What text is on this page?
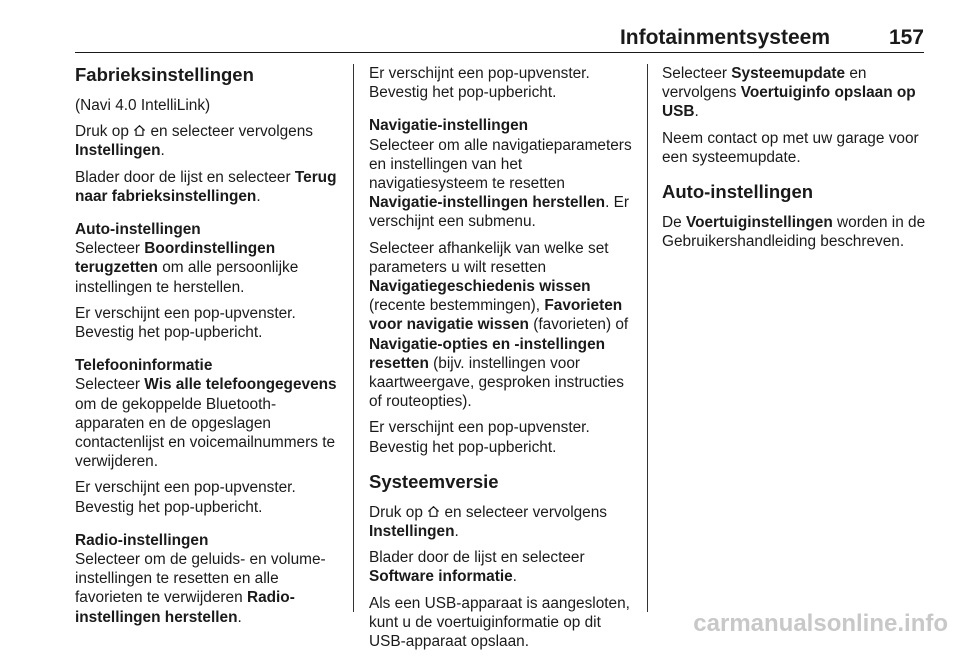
Infotainmentsysteem	157
Fabrieksinstellingen

(Navi 4.0 IntelliLink)

Druk op  en selecteer vervolgens Instellingen.

Blader door de lijst en selecteer Terug naar fabrieksinstellingen.

Auto-instellingen

Selecteer Boordinstellingen terugzetten om alle persoonlijke instellingen te herstellen.

Er verschijnt een pop-upvenster. Bevestig het pop-upbericht.

Telefooninformatie

Selecteer Wis alle telefoongegevens om de gekoppelde Bluetooth-apparaten en de opgeslagen contactenlijst en voicemailnummers te verwijderen.

Er verschijnt een pop-upvenster. Bevestig het pop-upbericht.

Radio-instellingen

Selecteer om de geluids- en volume-instellingen te resetten en alle favorieten te verwijderen Radio-instellingen herstellen.

Er verschijnt een pop-upvenster. Bevestig het pop-upbericht.

Navigatie-instellingen

Selecteer om alle navigatieparameters en instellingen van het navigatiesysteem te resetten Navigatie-instellingen herstellen. Er verschijnt een submenu.

Selecteer afhankelijk van welke set parameters u wilt resetten Navigatiegeschiedenis wissen (recente bestemmingen), Favorieten voor navigatie wissen (favorieten) of Navigatie-opties en -instellingen resetten (bijv. instellingen voor kaartweergave, gesproken instructies of routeopties).

Er verschijnt een pop-upvenster. Bevestig het pop-upbericht.

Systeemversie

Druk op  en selecteer vervolgens Instellingen.

Blader door de lijst en selecteer Software informatie.

Als een USB-apparaat is aangesloten, kunt u de voertuiginformatie op dit USB-apparaat opslaan.

Selecteer Systeemupdate en vervolgens Voertuiginfo opslaan op USB.

Neem contact op met uw garage voor een systeemupdate.

Auto-instellingen

De Voertuiginstellingen worden in de Gebruikershandleiding beschreven.

carmanualsonline.info
